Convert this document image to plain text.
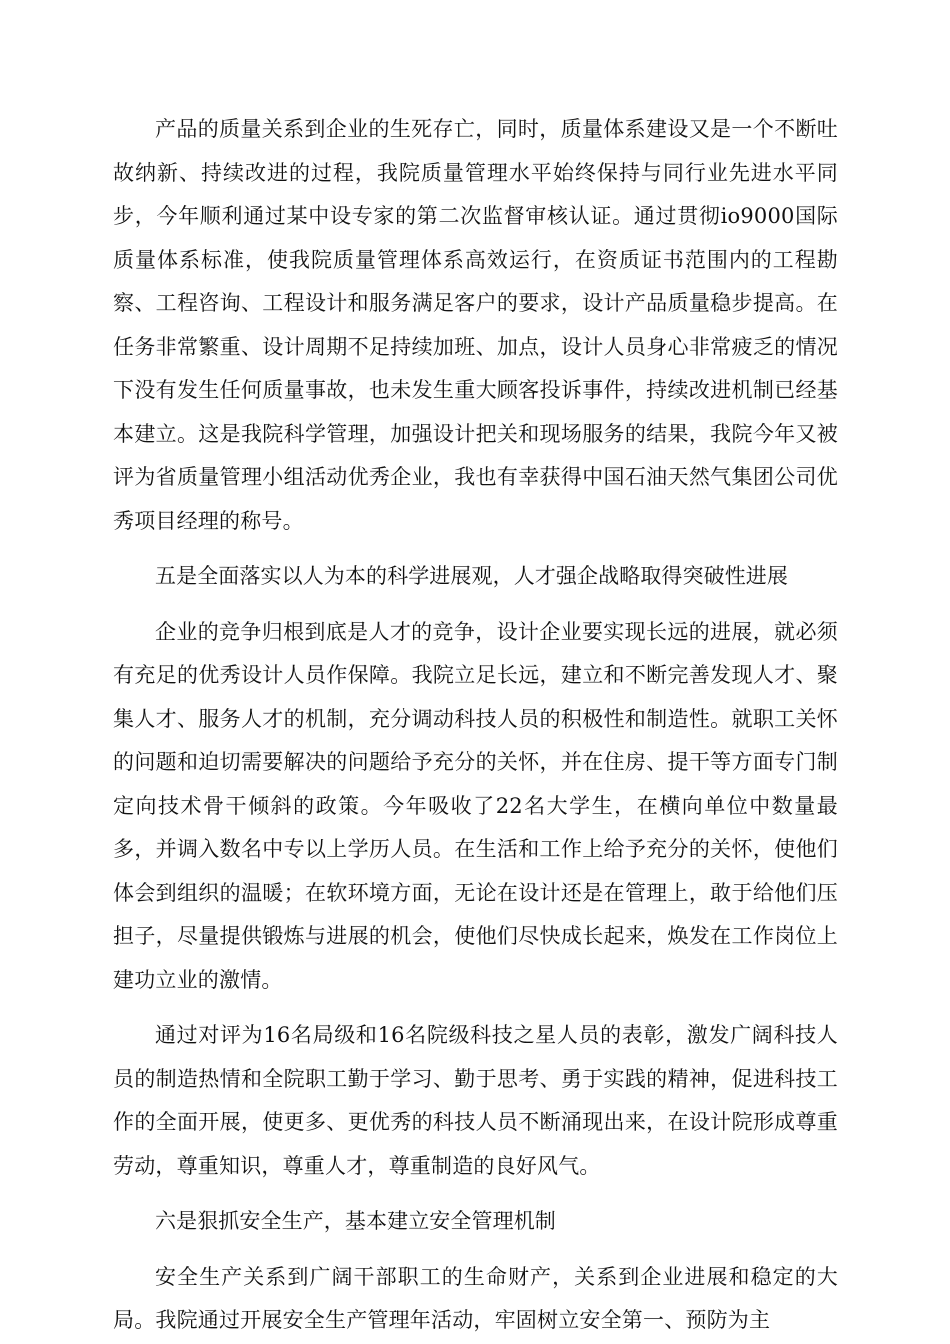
产品的质量关系到企业的生死存亡，同时，质量体系建设又是一个不断吐故纳新、持续改进的过程，我院质量管理水平始终保持与同行业先进水平同步，今年顺利通过某中设专家的第二次监督审核认证。通过贯彻io9000国际质量体系标准，使我院质量管理体系高效运行，在资质证书范围内的工程勘察、工程咨询、工程设计和服务满足客户的要求，设计产品质量稳步提高。在任务非常繁重、设计周期不足持续加班、加点，设计人员身心非常疲乏的情况下没有发生任何质量事故，也未发生重大顾客投诉事件，持续改进机制已经基本建立。这是我院科学管理，加强设计把关和现场服务的结果，我院今年又被评为省质量管理小组活动优秀企业，我也有幸获得中国石油天然气集团公司优秀项目经理的称号。

五是全面落实以人为本的科学进展观，人才强企战略取得突破性进展

企业的竞争归根到底是人才的竞争，设计企业要实现长远的进展，就必须有充足的优秀设计人员作保障。我院立足长远，建立和不断完善发现人才、聚集人才、服务人才的机制，充分调动科技人员的积极性和制造性。就职工关怀的问题和迫切需要解决的问题给予充分的关怀，并在住房、提干等方面专门制定向技术骨干倾斜的政策。今年吸收了22名大学生，在横向单位中数量最多，并调入数名中专以上学历人员。在生活和工作上给予充分的关怀，使他们体会到组织的温暖；在软环境方面，无论在设计还是在管理上，敢于给他们压担子，尽量提供锻炼与进展的机会，使他们尽快成长起来，焕发在工作岗位上建功立业的激情。

通过对评为16名局级和16名院级科技之星人员的表彰，激发广阔科技人员的制造热情和全院职工勤于学习、勤于思考、勇于实践的精神，促进科技工作的全面开展，使更多、更优秀的科技人员不断涌现出来，在设计院形成尊重劳动，尊重知识，尊重人才，尊重制造的良好风气。

六是狠抓安全生产，基本建立安全管理机制

安全生产关系到广阔干部职工的生命财产，关系到企业进展和稳定的大局。我院通过开展安全生产管理年活动，牢固树立安全第一、预防为主
